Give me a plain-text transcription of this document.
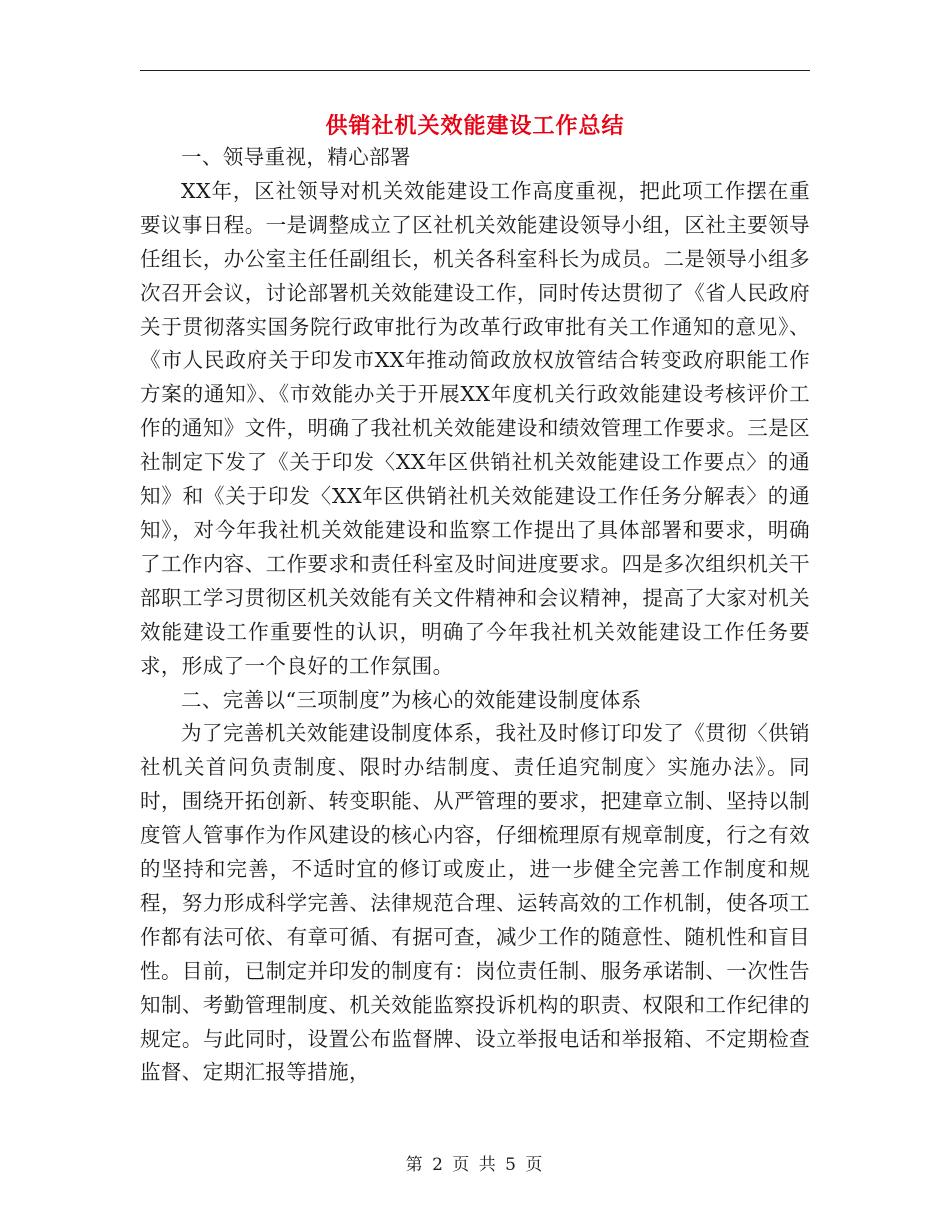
供销社机关效能建设工作总结

一、领导重视，精心部署

XX年，区社领导对机关效能建设工作高度重视，把此项工作摆在重要议事日程。一是调整成立了区社机关效能建设领导小组，区社主要领导任组长，办公室主任任副组长，机关各科室科长为成员。二是领导小组多次召开会议，讨论部署机关效能建设工作，同时传达贯彻了《省人民政府关于贯彻落实国务院行政审批行为改革行政审批有关工作通知的意见》、《市人民政府关于印发市XX年推动简政放权放管结合转变政府职能工作方案的通知》、《市效能办关于开展XX年度机关行政效能建设考核评价工作的通知》文件，明确了我社机关效能建设和绩效管理工作要求。三是区社制定下发了《关于印发〈XX年区供销社机关效能建设工作要点〉的通知》和《关于印发〈XX年区供销社机关效能建设工作任务分解表〉的通知》，对今年我社机关效能建设和监察工作提出了具体部署和要求，明确了工作内容、工作要求和责任科室及时间进度要求。四是多次组织机关干部职工学习贯彻区机关效能有关文件精神和会议精神，提高了大家对机关效能建设工作重要性的认识，明确了今年我社机关效能建设工作任务要求，形成了一个良好的工作氛围。

二、完善以“三项制度”为核心的效能建设制度体系

为了完善机关效能建设制度体系，我社及时修订印发了《贯彻〈供销社机关首问负责制度、限时办结制度、责任追究制度〉实施办法》。同时，围绕开拓创新、转变职能、从严管理的要求，把建章立制、坚持以制度管人管事作为作风建设的核心内容，仔细梳理原有规章制度，行之有效的坚持和完善，不适时宜的修订或废止，进一步健全完善工作制度和规程，努力形成科学完善、法律规范合理、运转高效的工作机制，使各项工作都有法可依、有章可循、有据可查，减少工作的随意性、随机性和盲目性。目前，已制定并印发的制度有：岗位责任制、服务承诺制、一次性告知制、考勤管理制度、机关效能监察投诉机构的职责、权限和工作纪律的规定。与此同时，设置公布监督牌、设立举报电话和举报箱、不定期检查监督、定期汇报等措施，

第 2 页 共 5 页
